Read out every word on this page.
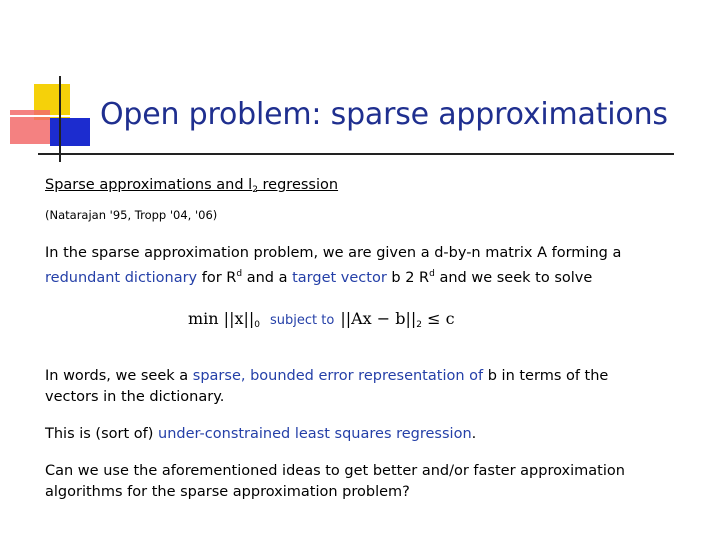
Open problem: sparse approximations
Sparse approximations and $l_2$ regression
(Natarajan '95, Tropp '04, '06)
In the sparse approximation problem, we are given a d-by-n matrix A forming a
redundant dictionary for $R^d$ and a target vector b 2 $R^d$ and we seek to solve
$\min ||x||_0$ subject to $||Ax - b||_2 \le c$
In words, we seek a sparse, bounded error representation of b in terms of the
vectors in the dictionary.
This is (sort of) under-constrained least squares regression.
Can we use the aforementioned ideas to get better and/or faster approximation
algorithms for the sparse approximation problem?
